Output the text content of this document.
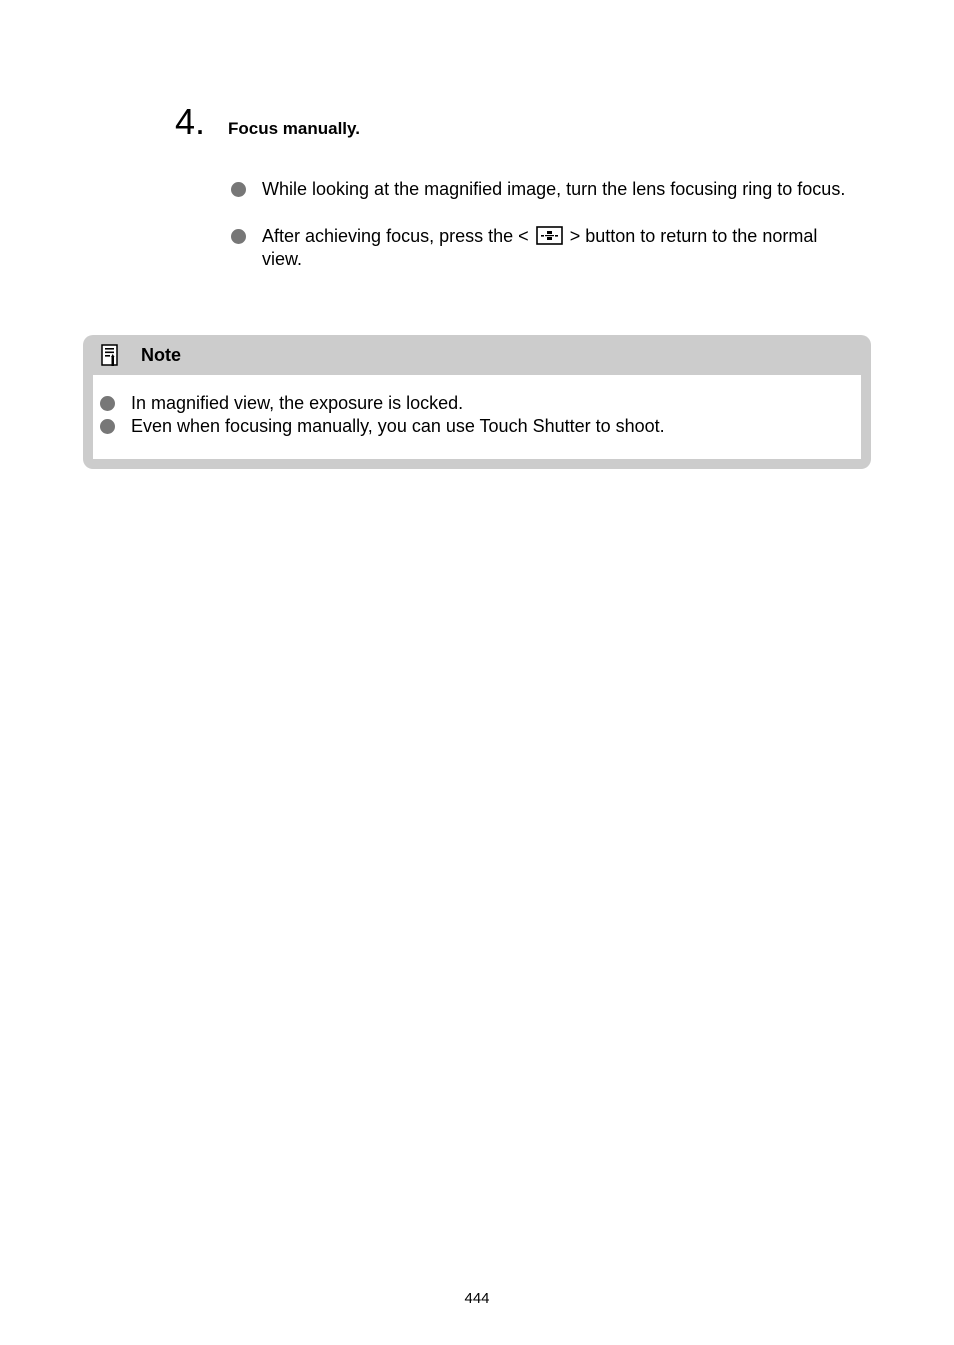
4. Focus manually.
While looking at the magnified image, turn the lens focusing ring to focus.
After achieving focus, press the < > button to return to the normal view.
Note
In magnified view, the exposure is locked.
Even when focusing manually, you can use Touch Shutter to shoot.
444
